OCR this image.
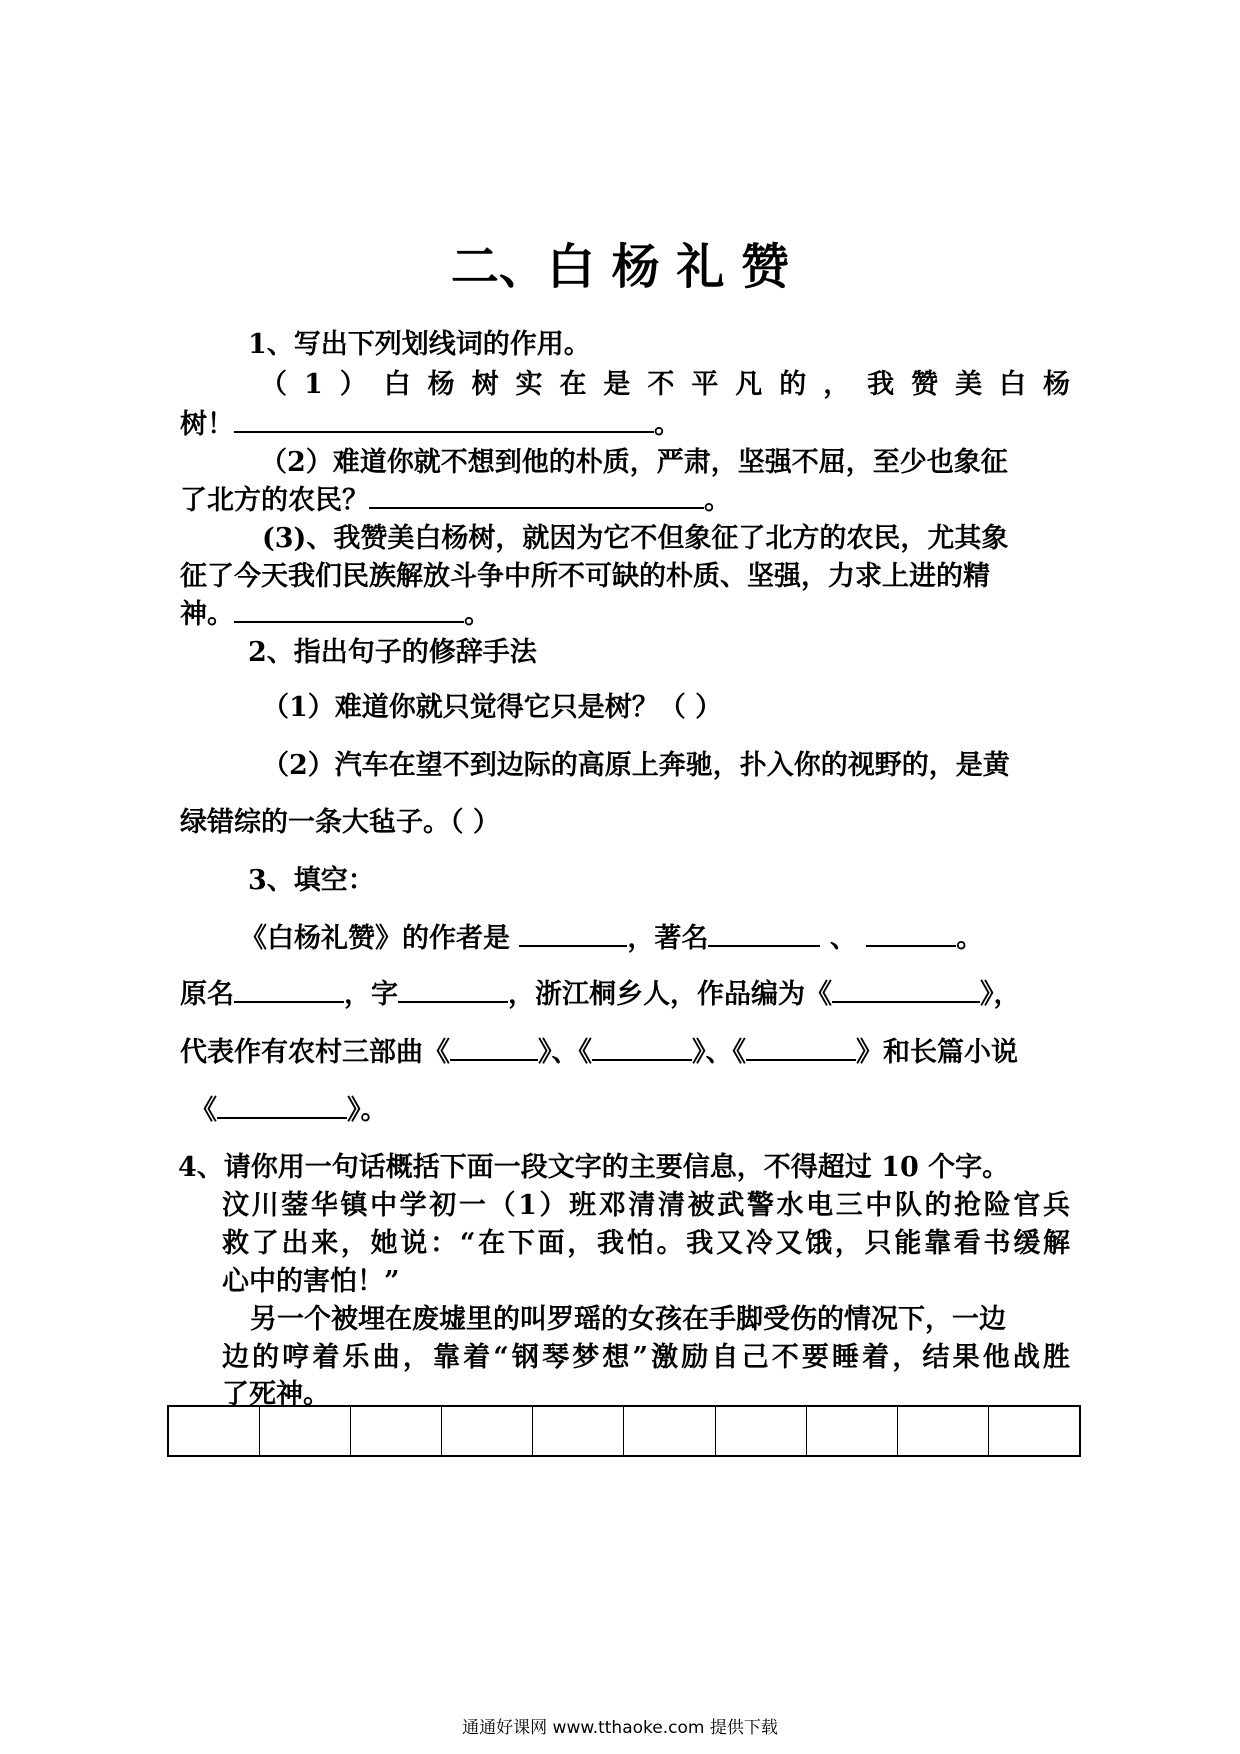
二、白 杨 礼 赞
1、写出下列划线词的作用。
（1）白杨树实在是不平凡的，我赞美白杨
树！	。
（2）难道你就不想到他的朴质，严肃，坚强不屈，至少也象征
了北方的农民？	。
(3)、我赞美白杨树，就因为它不但象征了北方的农民，尤其象
征了今天我们民族解放斗争中所不可缺的朴质、坚强，力求上进的精
神。	。
2、指出句子的修辞手法
（1）难道你就只觉得它只是树？（ ）
（2）汽车在望不到边际的高原上奔驰，扑入你的视野的，是黄
绿错综的一条大毡子。（ ）
3、填空：
《白杨礼赞》的作者是	，著名	、	。
原名	，字	，浙江桐乡人，作品编为《	》，
代表作有农村三部曲《	》、《	》、《	》和长篇小说
《	》。
4、请你用一句话概括下面一段文字的主要信息，不得超过 10 个字。
汶川蓥华镇中学初一（1）班邓清清被武警水电三中队的抢险官兵
救了出来，她说：“在下面，我怕。我又冷又饿，只能靠看书缓解
心中的害怕！”
另一个被埋在废墟里的叫罗瑶的女孩在手脚受伤的情况下，一边
边的哼着乐曲，靠着“钢琴梦想”激励自己不要睡着，结果他战胜
了死神。
通通好课网 www.tthaoke.com 提供下载
